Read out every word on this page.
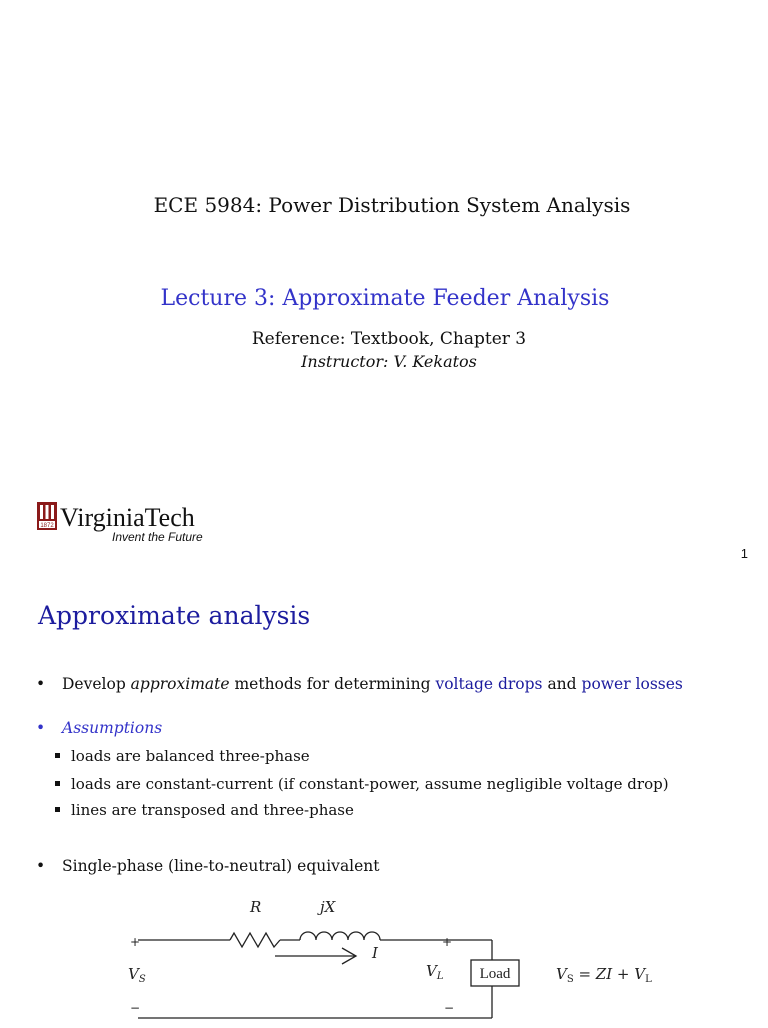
ECE 5984: Power Distribution System Analysis
Lecture 3: Approximate Feeder Analysis
Reference: Textbook, Chapter 3
Instructor: V. Kekatos
1872 VirginiaTech
Invent the Future
1
Approximate analysis
• Develop approximate methods for determining voltage drops and power losses
• Assumptions
loads are balanced three-phase
loads are constant-current (if constant-power, assume negligible voltage drop)
lines are transposed and three-phase
• Single-phase (line-to-neutral) equivalent
R	jX
I
$V_S$	$V_L$
+
−
+
−
Load	$V_S$ = ZI + $V_L$
